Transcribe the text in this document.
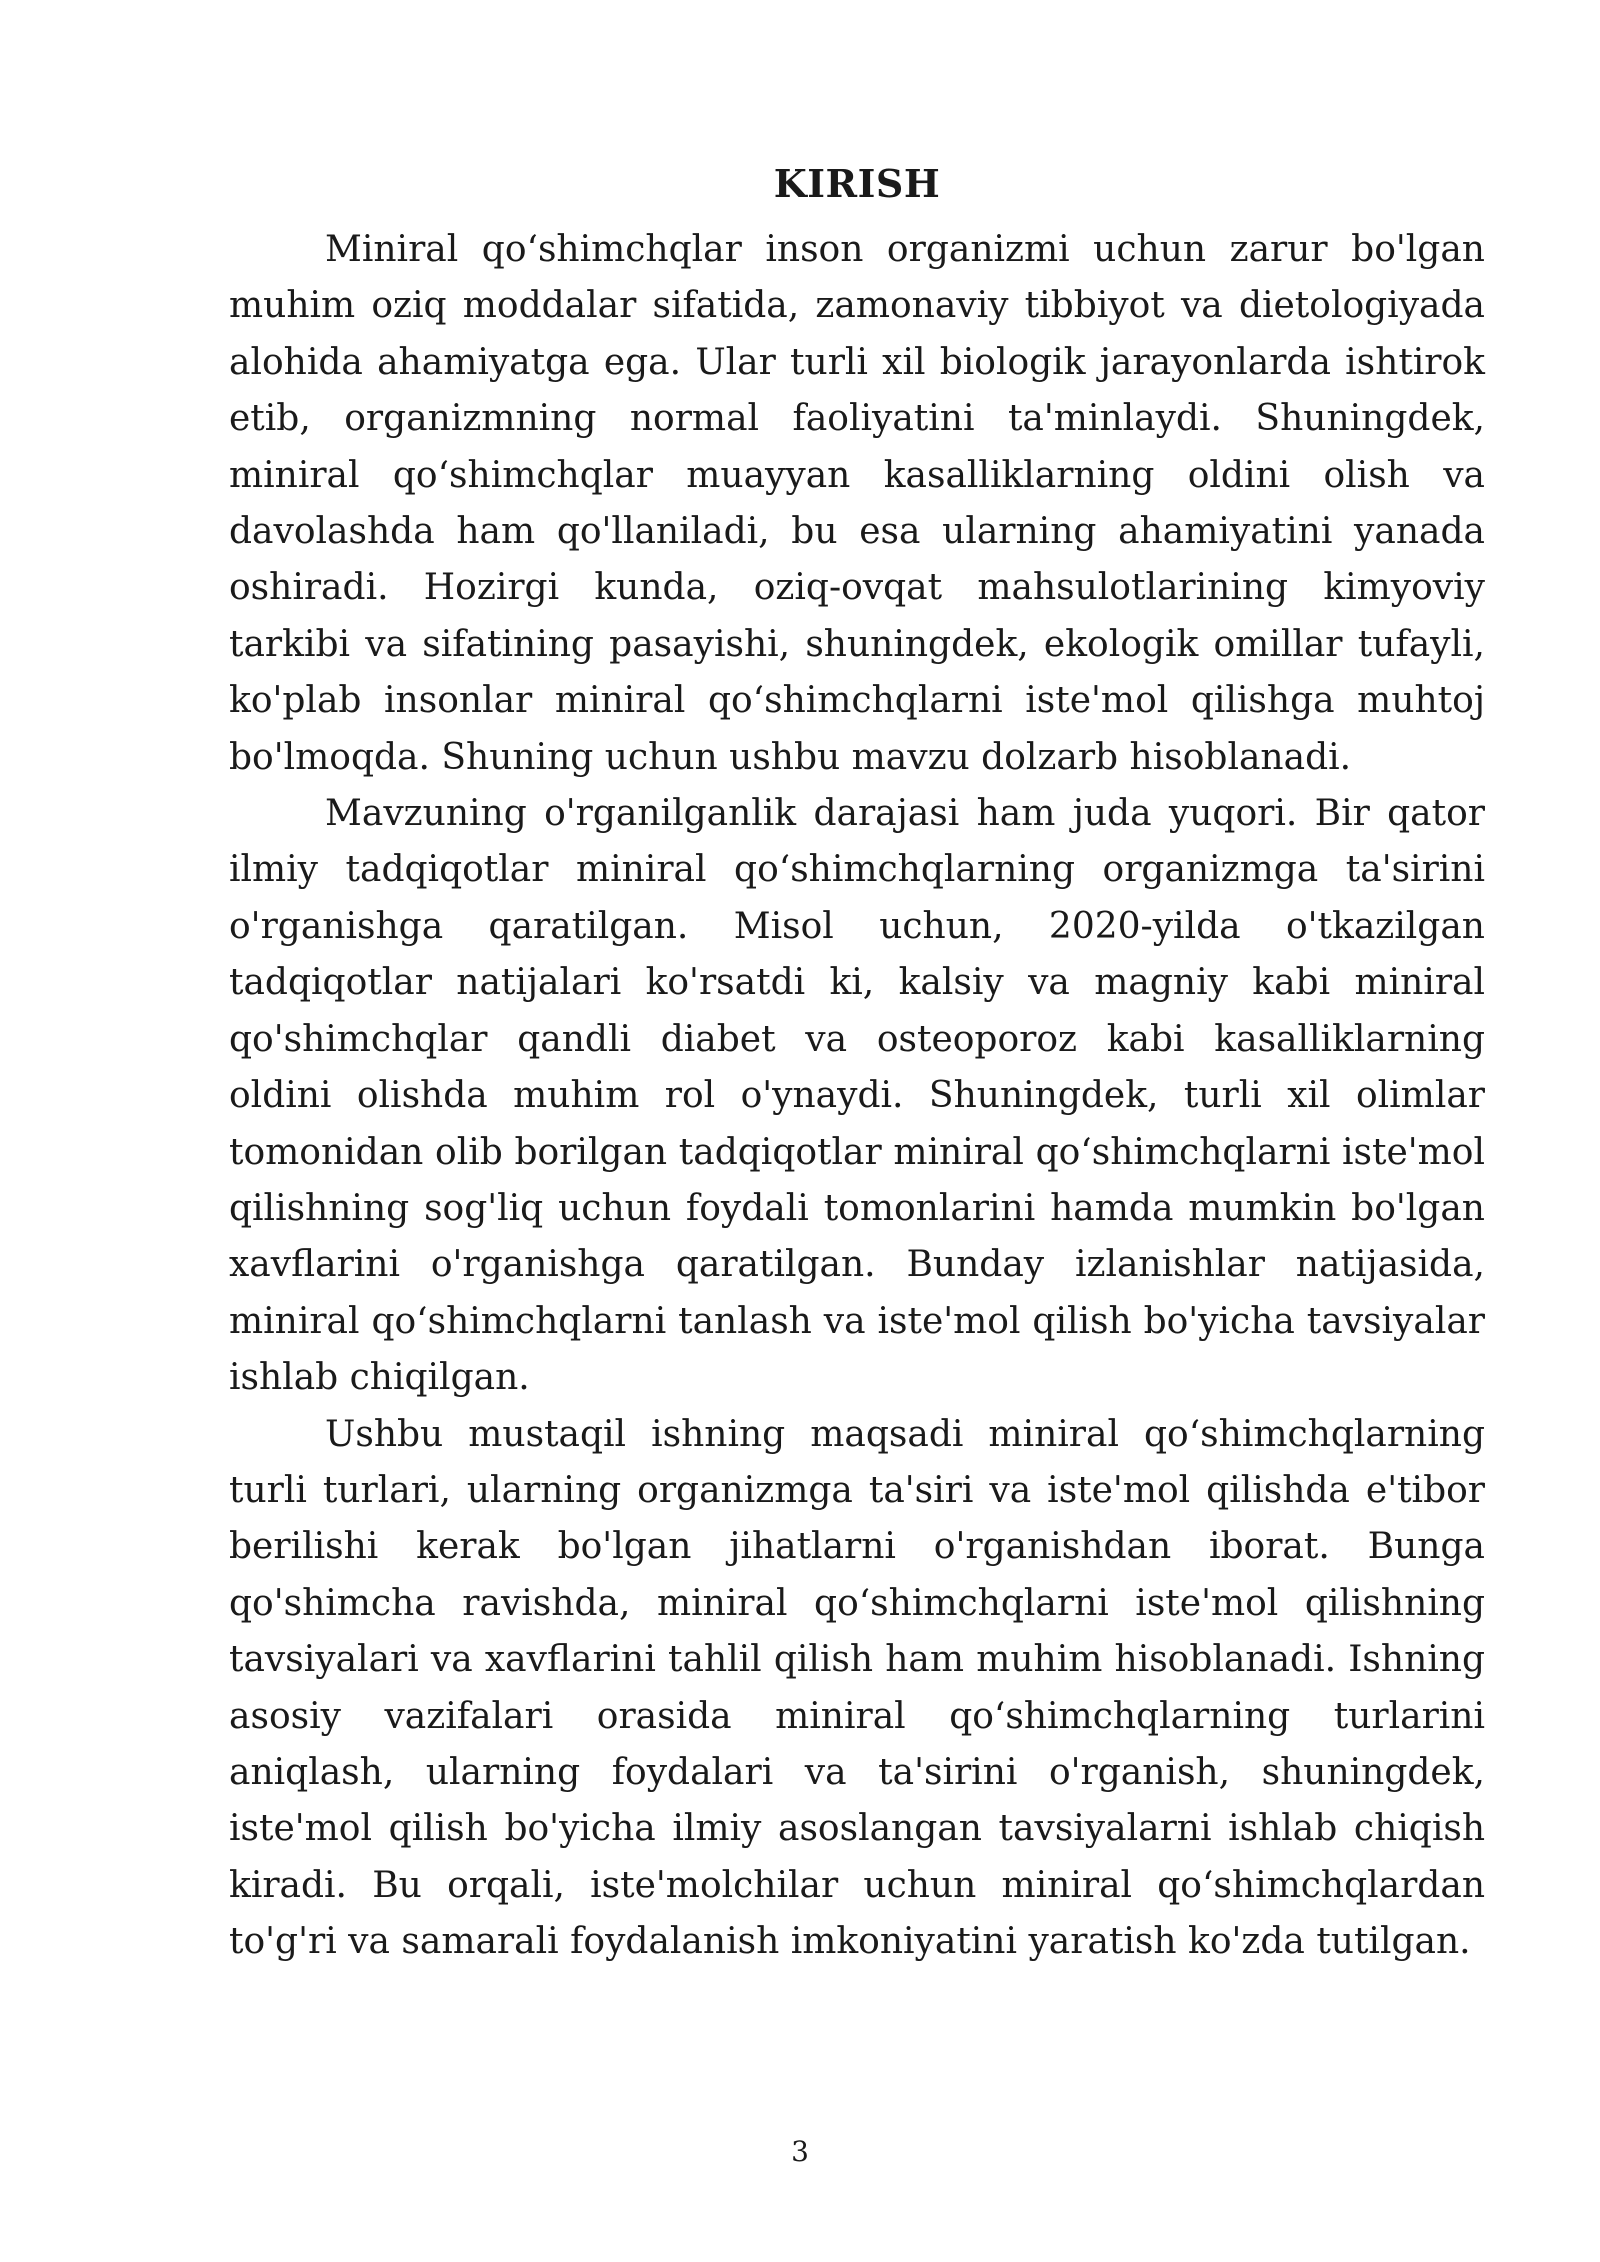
KIRISH

Miniral qoʻshimchqlar inson organizmi uchun zarur bo'lgan muhim oziq moddalar sifatida, zamonaviy tibbiyot va dietologiyada alohida ahamiyatga ega. Ular turli xil biologik jarayonlarda ishtirok etib, organizmning normal faoliyatini ta'minlaydi. Shuningdek, miniral qoʻshimchqlar muayyan kasalliklarning oldini olish va davolashda ham qo'llaniladi, bu esa ularning ahamiyatini yanada oshiradi. Hozirgi kunda, oziq-ovqat mahsulotlarining kimyoviy tarkibi va sifatining pasayishi, shuningdek, ekologik omillar tufayli, ko'plab insonlar miniral qoʻshimchqlarni iste'mol qilishga muhtoj bo'lmoqda. Shuning uchun ushbu mavzu dolzarb hisoblanadi.

Mavzuning o'rganilganlik darajasi ham juda yuqori. Bir qator ilmiy tadqiqotlar miniral qoʻshimchqlarning organizmga ta'sirini o'rganishga qaratilgan. Misol uchun, 2020-yilda o'tkazilgan tadqiqotlar natijalari ko'rsatdi ki, kalsiy va magniy kabi miniral qo'shimchqlar qandli diabet va osteoporoz kabi kasalliklarning oldini olishda muhim rol o'ynaydi. Shuningdek, turli xil olimlar tomonidan olib borilgan tadqiqotlar miniral qoʻshimchqlarni iste'mol qilishning sog'liq uchun foydali tomonlarini hamda mumkin bo'lgan xavflarini o'rganishga qaratilgan. Bunday izlanishlar natijasida, miniral qoʻshimchqlarni tanlash va iste'mol qilish bo'yicha tavsiyalar ishlab chiqilgan.

Ushbu mustaqil ishning maqsadi miniral qoʻshimchqlarning turli turlari, ularning organizmga ta'siri va iste'mol qilishda e'tibor berilishi kerak bo'lgan jihatlarni o'rganishdan iborat. Bunga qo'shimcha ravishda, miniral qoʻshimchqlarni iste'mol qilishning tavsiyalari va xavflarini tahlil qilish ham muhim hisoblanadi. Ishning asosiy vazifalari orasida miniral qoʻshimchqlarning turlarini aniqlash, ularning foydalari va ta'sirini o'rganish, shuningdek, iste'mol qilish bo'yicha ilmiy asoslangan tavsiyalarni ishlab chiqish kiradi. Bu orqali, iste'molchilar uchun miniral qoʻshimchqlardan to'g'ri va samarali foydalanish imkoniyatini yaratish ko'zda tutilgan.

3
